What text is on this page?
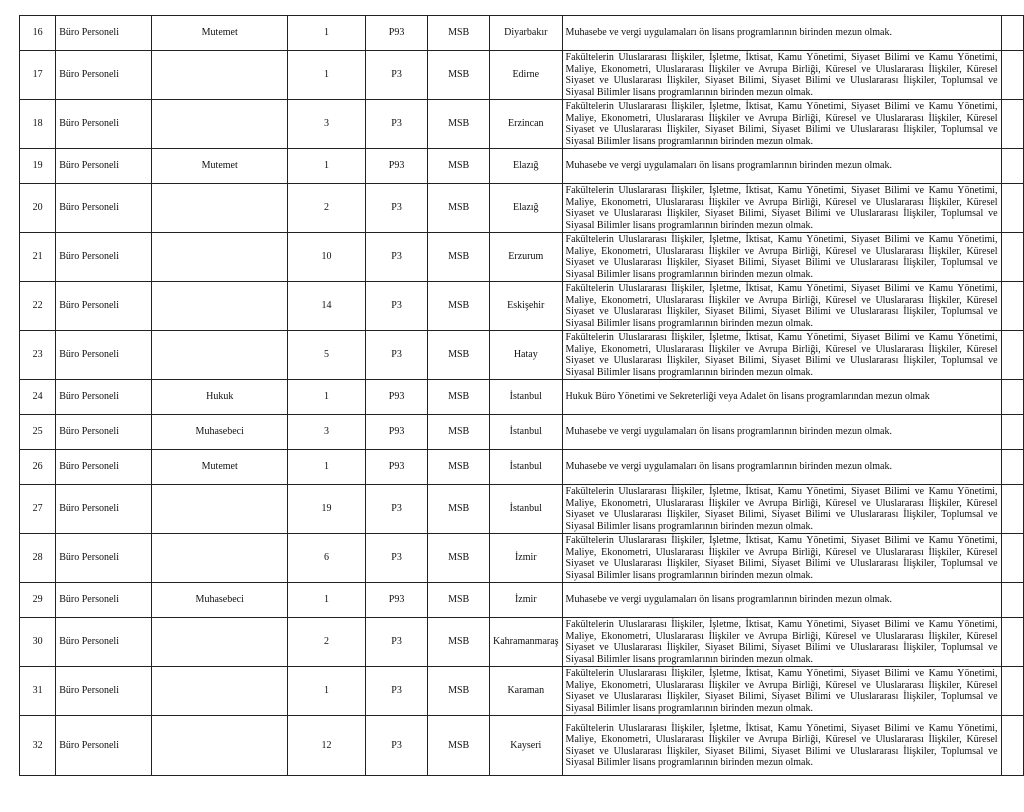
16	Büro Personeli	Mutemet	1	P93	MSB	Diyarbakır	Muhasebe ve vergi uygulamaları ön lisans programlarının birinden mezun olmak.	
17	Büro Personeli		1	P3	MSB	Edirne	Fakültelerin Uluslararası İlişkiler, İşletme, İktisat, Kamu Yönetimi, Siyaset Bilimi ve Kamu Yönetimi, Maliye, Ekonometri, Uluslararası İlişkiler ve Avrupa Birliği, Küresel ve Uluslararası İlişkiler, Küresel Siyaset ve Uluslararası İlişkiler, Siyaset Bilimi, Siyaset Bilimi ve Uluslararası İlişkiler, Toplumsal ve Siyasal Bilimler lisans programlarının birinden mezun olmak.	
18	Büro Personeli		3	P3	MSB	Erzincan	Fakültelerin Uluslararası İlişkiler, İşletme, İktisat, Kamu Yönetimi, Siyaset Bilimi ve Kamu Yönetimi, Maliye, Ekonometri, Uluslararası İlişkiler ve Avrupa Birliği, Küresel ve Uluslararası İlişkiler, Küresel Siyaset ve Uluslararası İlişkiler, Siyaset Bilimi, Siyaset Bilimi ve Uluslararası İlişkiler, Toplumsal ve Siyasal Bilimler lisans programlarının birinden mezun olmak.	
19	Büro Personeli	Mutemet	1	P93	MSB	Elazığ	Muhasebe ve vergi uygulamaları ön lisans programlarının birinden mezun olmak.	
20	Büro Personeli		2	P3	MSB	Elazığ	Fakültelerin Uluslararası İlişkiler, İşletme, İktisat, Kamu Yönetimi, Siyaset Bilimi ve Kamu Yönetimi, Maliye, Ekonometri, Uluslararası İlişkiler ve Avrupa Birliği, Küresel ve Uluslararası İlişkiler, Küresel Siyaset ve Uluslararası İlişkiler, Siyaset Bilimi, Siyaset Bilimi ve Uluslararası İlişkiler, Toplumsal ve Siyasal Bilimler lisans programlarının birinden mezun olmak.	
21	Büro Personeli		10	P3	MSB	Erzurum	Fakültelerin Uluslararası İlişkiler, İşletme, İktisat, Kamu Yönetimi, Siyaset Bilimi ve Kamu Yönetimi, Maliye, Ekonometri, Uluslararası İlişkiler ve Avrupa Birliği, Küresel ve Uluslararası İlişkiler, Küresel Siyaset ve Uluslararası İlişkiler, Siyaset Bilimi, Siyaset Bilimi ve Uluslararası İlişkiler, Toplumsal ve Siyasal Bilimler lisans programlarının birinden mezun olmak.	
22	Büro Personeli		14	P3	MSB	Eskişehir	Fakültelerin Uluslararası İlişkiler, İşletme, İktisat, Kamu Yönetimi, Siyaset Bilimi ve Kamu Yönetimi, Maliye, Ekonometri, Uluslararası İlişkiler ve Avrupa Birliği, Küresel ve Uluslararası İlişkiler, Küresel Siyaset ve Uluslararası İlişkiler, Siyaset Bilimi, Siyaset Bilimi ve Uluslararası İlişkiler, Toplumsal ve Siyasal Bilimler lisans programlarının birinden mezun olmak.	
23	Büro Personeli		5	P3	MSB	Hatay	Fakültelerin Uluslararası İlişkiler, İşletme, İktisat, Kamu Yönetimi, Siyaset Bilimi ve Kamu Yönetimi, Maliye, Ekonometri, Uluslararası İlişkiler ve Avrupa Birliği, Küresel ve Uluslararası İlişkiler, Küresel Siyaset ve Uluslararası İlişkiler, Siyaset Bilimi, Siyaset Bilimi ve Uluslararası İlişkiler, Toplumsal ve Siyasal Bilimler lisans programlarının birinden mezun olmak.	
24	Büro Personeli	Hukuk	1	P93	MSB	İstanbul	Hukuk Büro Yönetimi ve Sekreterliği veya Adalet ön lisans programlarından mezun olmak	
25	Büro Personeli	Muhasebeci	3	P93	MSB	İstanbul	Muhasebe ve vergi uygulamaları ön lisans programlarının birinden mezun olmak.	
26	Büro Personeli	Mutemet	1	P93	MSB	İstanbul	Muhasebe ve vergi uygulamaları ön lisans programlarının birinden mezun olmak.	
27	Büro Personeli		19	P3	MSB	İstanbul	Fakültelerin Uluslararası İlişkiler, İşletme, İktisat, Kamu Yönetimi, Siyaset Bilimi ve Kamu Yönetimi, Maliye, Ekonometri, Uluslararası İlişkiler ve Avrupa Birliği, Küresel ve Uluslararası İlişkiler, Küresel Siyaset ve Uluslararası İlişkiler, Siyaset Bilimi, Siyaset Bilimi ve Uluslararası İlişkiler, Toplumsal ve Siyasal Bilimler lisans programlarının birinden mezun olmak.	
28	Büro Personeli		6	P3	MSB	İzmir	Fakültelerin Uluslararası İlişkiler, İşletme, İktisat, Kamu Yönetimi, Siyaset Bilimi ve Kamu Yönetimi, Maliye, Ekonometri, Uluslararası İlişkiler ve Avrupa Birliği, Küresel ve Uluslararası İlişkiler, Küresel Siyaset ve Uluslararası İlişkiler, Siyaset Bilimi, Siyaset Bilimi ve Uluslararası İlişkiler, Toplumsal ve Siyasal Bilimler lisans programlarının birinden mezun olmak.	
29	Büro Personeli	Muhasebeci	1	P93	MSB	İzmir	Muhasebe ve vergi uygulamaları ön lisans programlarının birinden mezun olmak.	
30	Büro Personeli		2	P3	MSB	Kahramanmaraş	Fakültelerin Uluslararası İlişkiler, İşletme, İktisat, Kamu Yönetimi, Siyaset Bilimi ve Kamu Yönetimi, Maliye, Ekonometri, Uluslararası İlişkiler ve Avrupa Birliği, Küresel ve Uluslararası İlişkiler, Küresel Siyaset ve Uluslararası İlişkiler, Siyaset Bilimi, Siyaset Bilimi ve Uluslararası İlişkiler, Toplumsal ve Siyasal Bilimler lisans programlarının birinden mezun olmak.	
31	Büro Personeli		1	P3	MSB	Karaman	Fakültelerin Uluslararası İlişkiler, İşletme, İktisat, Kamu Yönetimi, Siyaset Bilimi ve Kamu Yönetimi, Maliye, Ekonometri, Uluslararası İlişkiler ve Avrupa Birliği, Küresel ve Uluslararası İlişkiler, Küresel Siyaset ve Uluslararası İlişkiler, Siyaset Bilimi, Siyaset Bilimi ve Uluslararası İlişkiler, Toplumsal ve Siyasal Bilimler lisans programlarının birinden mezun olmak.	
32	Büro Personeli		12	P3	MSB	Kayseri	Fakültelerin Uluslararası İlişkiler, İşletme, İktisat, Kamu Yönetimi, Siyaset Bilimi ve Kamu Yönetimi, Maliye, Ekonometri, Uluslararası İlişkiler ve Avrupa Birliği, Küresel ve Uluslararası İlişkiler, Küresel Siyaset ve Uluslararası İlişkiler, Siyaset Bilimi, Siyaset Bilimi ve Uluslararası İlişkiler, Toplumsal ve Siyasal Bilimler lisans programlarının birinden mezun olmak.	
